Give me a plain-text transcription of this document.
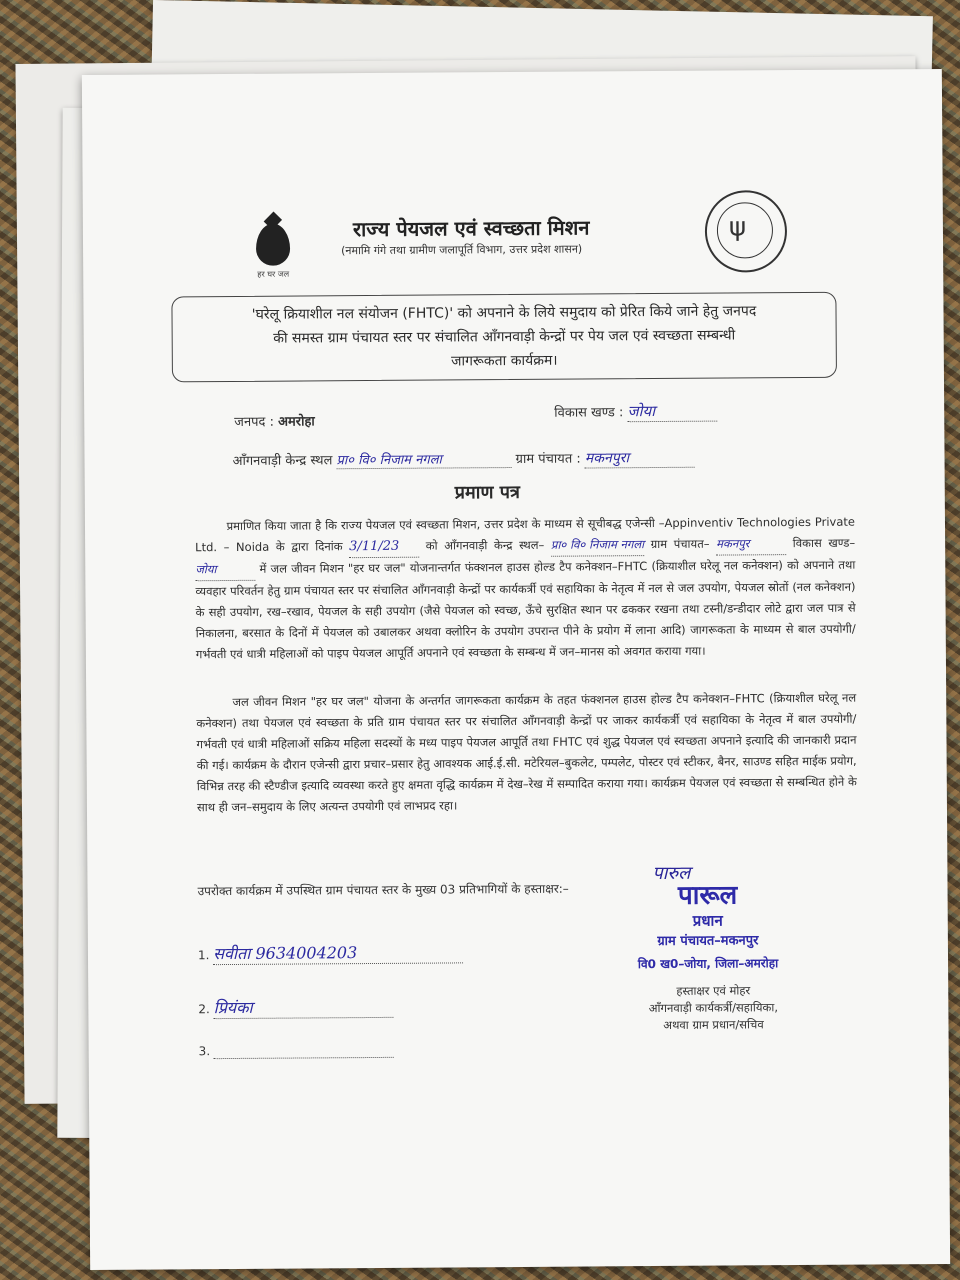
हर घर जल
राज्य पेयजल एवं स्वच्छता मिशन
(नमामि गंगे तथा ग्रामीण जलापूर्ति विभाग, उत्तर प्रदेश शासन)
ψ
'घरेलू क्रियाशील नल संयोजन (FHTC)' को अपनाने के लिये समुदाय को प्रेरित किये जाने हेतु जनपद
की समस्त ग्राम पंचायत स्तर पर संचालित आँगनवाड़ी केन्द्रों पर पेय जल एवं स्वच्छता सम्बन्धी
जागरूकता कार्यक्रम।
जनपद : अमरोहा
विकास खण्ड : जोया
आँगनवाड़ी केन्द्र स्थल प्रा० वि० निजाम नगला	ग्राम पंचायत : मकनपुरा
प्रमाण पत्र
प्रमाणित किया जाता है कि राज्य पेयजल एवं स्वच्छता मिशन, उत्तर प्रदेश के माध्यम से सूचीबद्ध एजेन्सी –Appinventiv Technologies Private Ltd. – Noida के द्वारा दिनांक 3/11/23 को आँगनवाड़ी केन्द्र स्थल– प्रा० वि० निजाम नगला ग्राम पंचायत– मकनपुर	विकास खण्ड– जोया	में जल जीवन मिशन "हर घर जल" योजनान्तर्गत फंक्शनल हाउस होल्ड टैप कनेक्शन–FHTC (क्रियाशील घरेलू नल कनेक्शन) को अपनाने तथा व्यवहार परिवर्तन हेतु ग्राम पंचायत स्तर पर संचालित आँगनवाड़ी केन्द्रों पर कार्यकर्त्री एवं सहायिका के नेतृत्व में नल से जल उपयोग, पेयजल स्रोतों (नल कनेक्शन) के सही उपयोग, रख–रखाव, पेयजल के सही उपयोग (जैसे पेयजल को स्वच्छ, ऊँचे सुरक्षित स्थान पर ढककर रखना तथा टस्नी/डन्डीदार लोटे द्वारा जल पात्र से निकालना, बरसात के दिनों में पेयजल को उबालकर अथवा क्लोरिन के उपयोग उपरान्त पीने के प्रयोग में लाना आदि) जागरूकता के माध्यम से बाल उपयोगी/गर्भवती एवं धात्री महिलाओं को पाइप पेयजल आपूर्ति अपनाने एवं स्वच्छता के सम्बन्ध में जन–मानस को अवगत कराया गया।
जल जीवन मिशन "हर घर जल" योजना के अन्तर्गत जागरूकता कार्यक्रम के तहत फंक्शनल हाउस होल्ड टैप कनेक्शन–FHTC (क्रियाशील घरेलू नल कनेक्शन) तथा पेयजल एवं स्वच्छता के प्रति ग्राम पंचायत स्तर पर संचालित आँगनवाड़ी केन्द्रों पर जाकर कार्यकर्त्री एवं सहायिका के नेतृत्व में बाल उपयोगी/गर्भवती एवं धात्री महिलाओं सक्रिय महिला सदस्यों के मध्य पाइप पेयजल आपूर्ति तथा FHTC एवं शुद्ध पेयजल एवं स्वच्छता अपनाने इत्यादि की जानकारी प्रदान की गई। कार्यक्रम के दौरान एजेन्सी द्वारा प्रचार–प्रसार हेतु आवश्यक आई.ई.सी. मटेरियल–बुकलेट, पम्पलेट, पोस्टर एवं स्टीकर, बैनर, साउण्ड सहित माईक प्रयोग, विभिन्न तरह की स्टैण्डीज इत्यादि व्यवस्था करते हुए क्षमता वृद्धि कार्यक्रम में देख–रेख में सम्पादित कराया गया। कार्यक्रम पेयजल एवं स्वच्छता से सम्बन्धित होने के साथ ही जन–समुदाय के लिए अत्यन्त उपयोगी एवं लाभप्रद रहा।
उपरोक्त कार्यक्रम में उपस्थित ग्राम पंचायत स्तर के मुख्य 03 प्रतिभागियों के हस्ताक्षर:–
1. सवीता 9634004203
2. प्रियंका
3.
पारुल
पारूल
प्रधान
ग्राम पंचायत–मकनपुर
वि0 ख0–जोया, जिला–अमरोहा
हस्ताक्षर एवं मोहर
आँगनवाड़ी कार्यकर्त्री/सहायिका,
अथवा ग्राम प्रधान/सचिव
